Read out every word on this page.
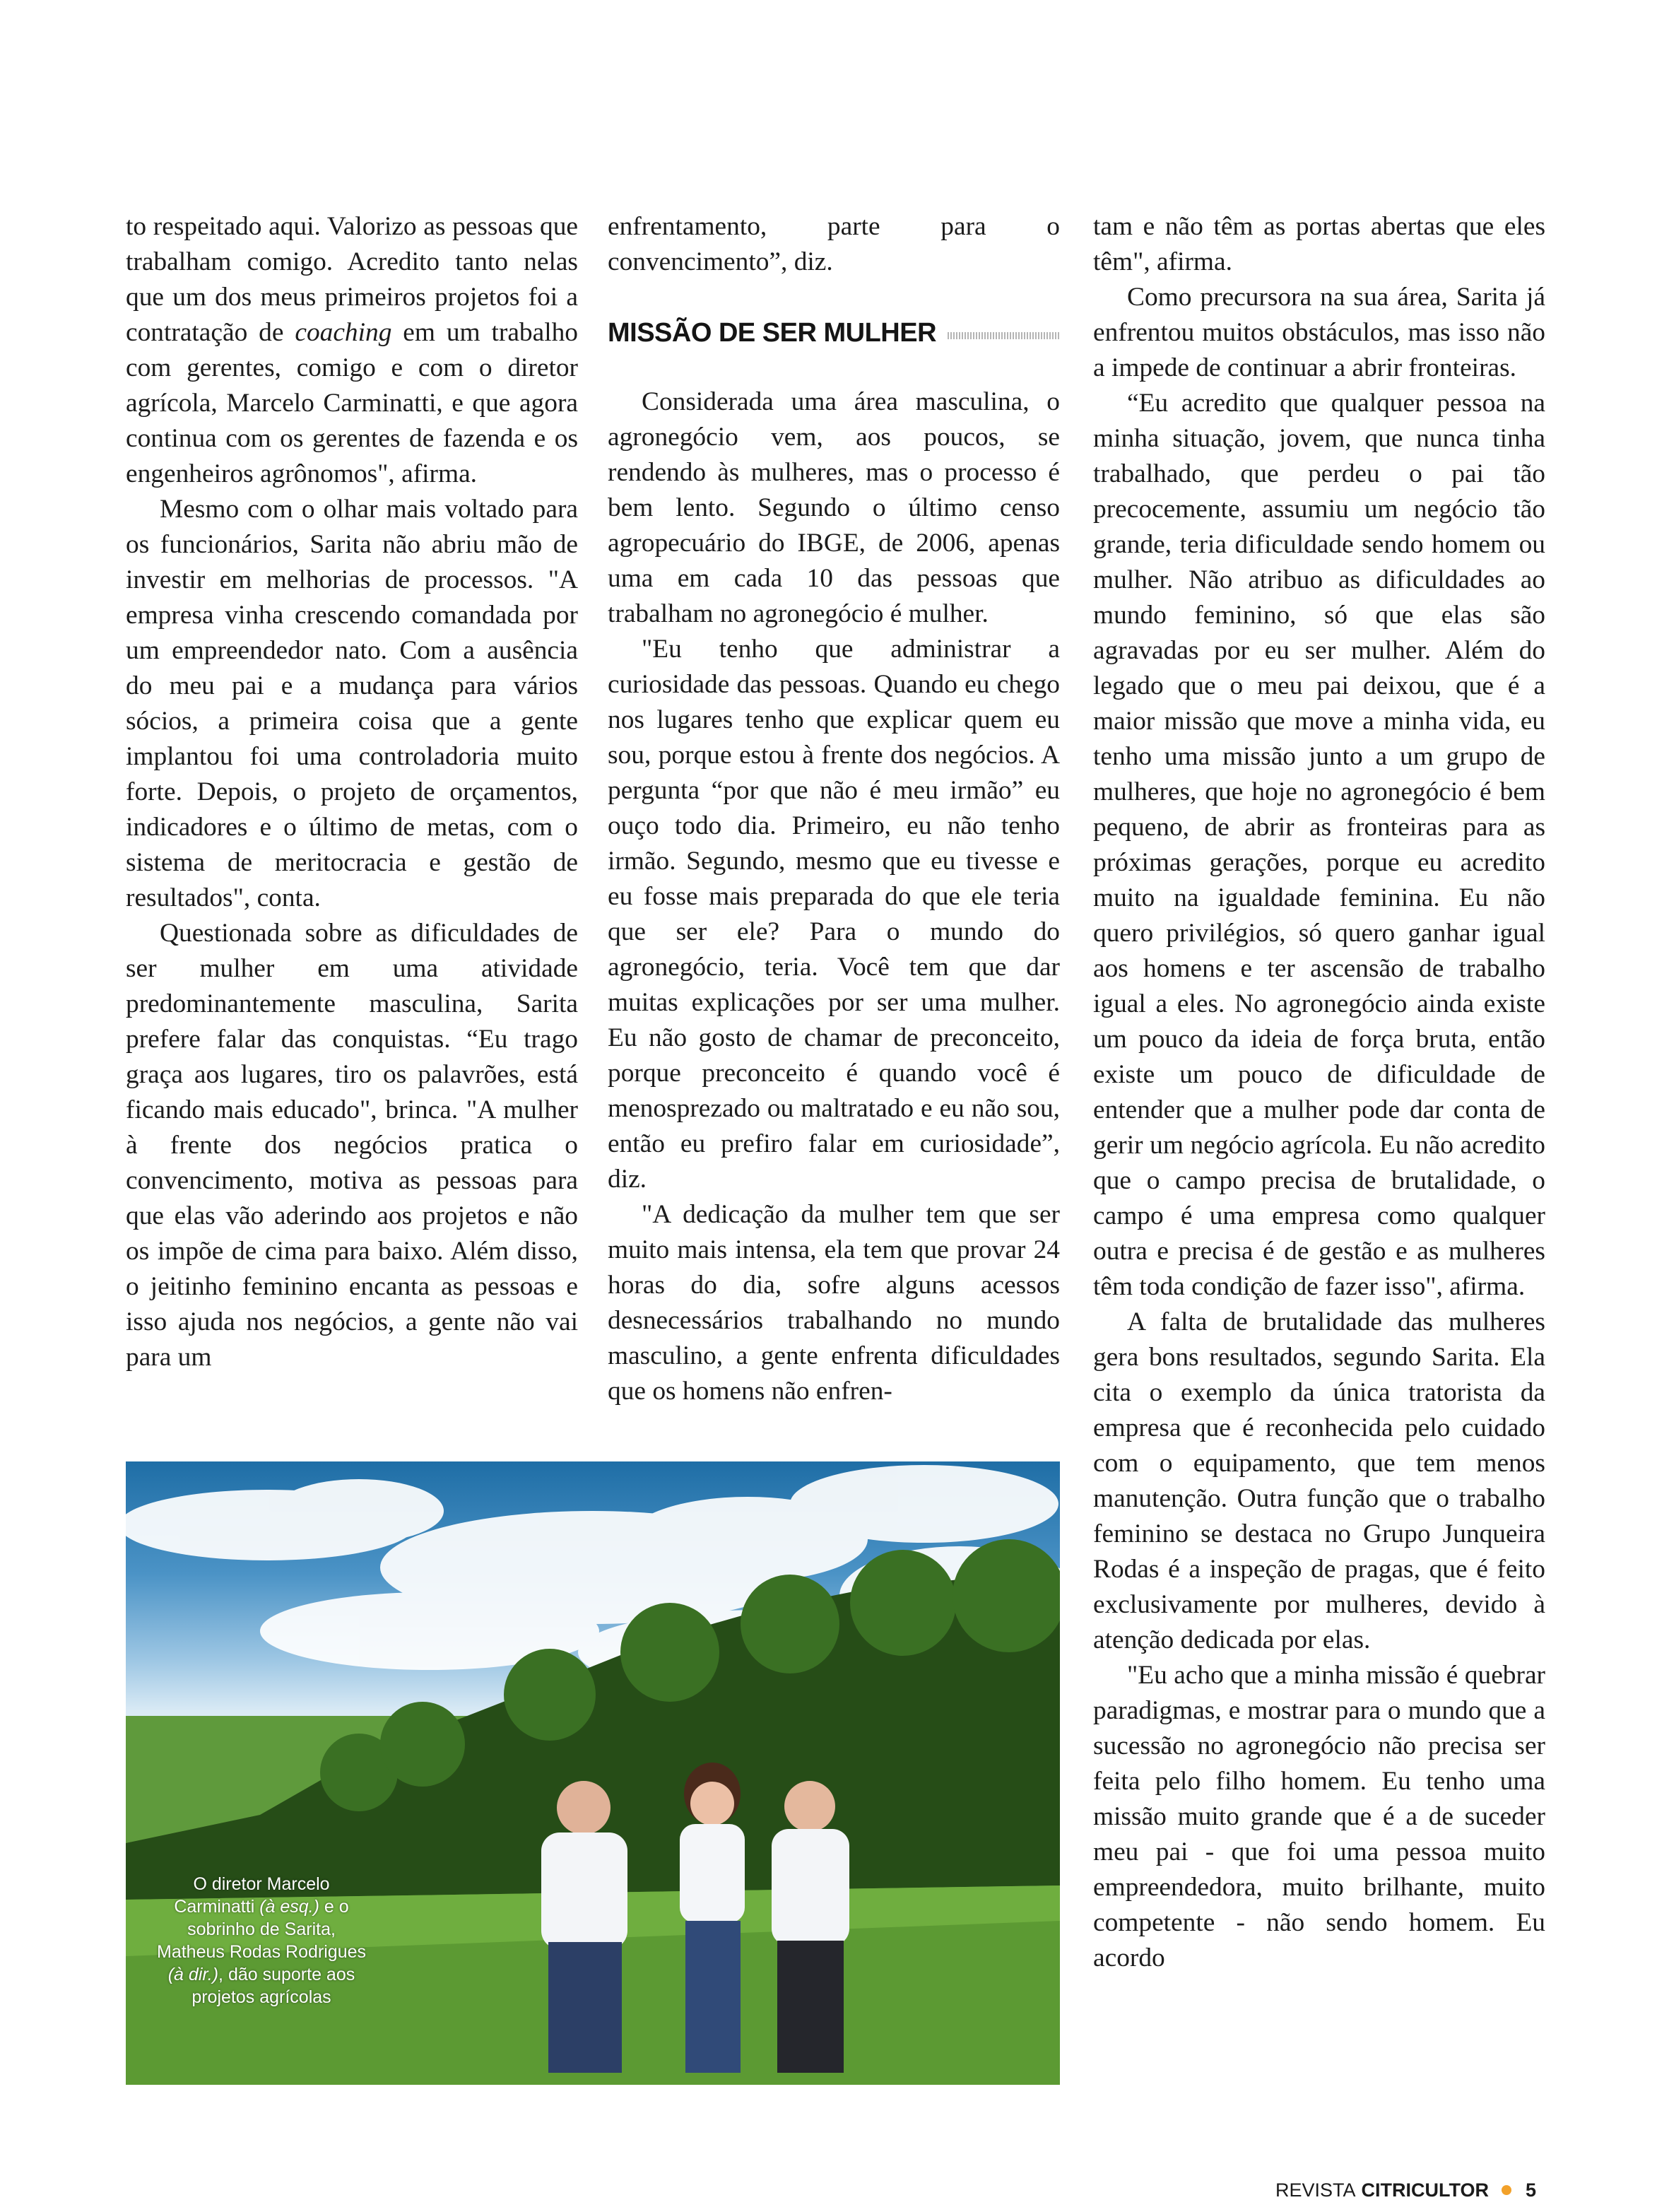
to respeitado aqui. Valorizo as pessoas que trabalham comigo. Acredito tanto nelas que um dos meus primeiros projetos foi a contratação de coaching em um trabalho com gerentes, comigo e com o diretor agrícola, Marcelo Carminatti, e que agora continua com os gerentes de fazenda e os engenheiros agrônomos", afirma.

Mesmo com o olhar mais voltado para os funcionários, Sarita não abriu mão de investir em melhorias de processos. "A empresa vinha crescendo comandada por um empreendedor nato. Com a ausência do meu pai e a mudança para vários sócios, a primeira coisa que a gente implantou foi uma controladoria muito forte. Depois, o projeto de orçamentos, indicadores e o último de metas, com o sistema de meritocracia e gestão de resultados", conta.

Questionada sobre as dificuldades de ser mulher em uma atividade predominantemente masculina, Sarita prefere falar das conquistas. “Eu trago graça aos lugares, tiro os palavrões, está ficando mais educado", brinca. "A mulher à frente dos negócios pratica o convencimento, motiva as pessoas para que elas vão aderindo aos projetos e não os impõe de cima para baixo. Além disso, o jeitinho feminino encanta as pessoas e isso ajuda nos negócios, a gente não vai para um

enfrentamento, parte para o convencimento”, diz.

MISSÃO DE SER MULHER

Considerada uma área masculina, o agronegócio vem, aos poucos, se rendendo às mulheres, mas o processo é bem lento. Segundo o último censo agropecuário do IBGE, de 2006, apenas uma em cada 10 das pessoas que trabalham no agronegócio é mulher.

"Eu tenho que administrar a curiosidade das pessoas. Quando eu chego nos lugares tenho que explicar quem eu sou, porque estou à frente dos negócios. A pergunta “por que não é meu irmão” eu ouço todo dia. Primeiro, eu não tenho irmão. Segundo, mesmo que eu tivesse e eu fosse mais preparada do que ele teria que ser ele? Para o mundo do agronegócio, teria. Você tem que dar muitas explicações por ser uma mulher. Eu não gosto de chamar de preconceito, porque preconceito é quando você é menosprezado ou maltratado e eu não sou, então eu prefiro falar em curiosidade”, diz.

"A dedicação da mulher tem que ser muito mais intensa, ela tem que provar 24 horas do dia, sofre alguns acessos desnecessários trabalhando no mundo masculino, a gente enfrenta dificuldades que os homens não enfren-

tam e não têm as portas abertas que eles têm", afirma.

Como precursora na sua área, Sarita já enfrentou muitos obstáculos, mas isso não a impede de continuar a abrir fronteiras.

“Eu acredito que qualquer pessoa na minha situação, jovem, que nunca tinha trabalhado, que perdeu o pai tão precocemente, assumiu um negócio tão grande, teria dificuldade sendo homem ou mulher. Não atribuo as dificuldades ao mundo feminino, só que elas são agravadas por eu ser mulher. Além do legado que o meu pai deixou, que é a maior missão que move a minha vida, eu tenho uma missão junto a um grupo de mulheres, que hoje no agronegócio é bem pequeno, de abrir as fronteiras para as próximas gerações, porque eu acredito muito na igualdade feminina. Eu não quero privilégios, só quero ganhar igual aos homens e ter ascensão de trabalho igual a eles. No agronegócio ainda existe um pouco da ideia de força bruta, então existe um pouco de dificuldade de entender que a mulher pode dar conta de gerir um negócio agrícola. Eu não acredito que o campo precisa de brutalidade, o campo é uma empresa como qualquer outra e precisa é de gestão e as mulheres têm toda condição de fazer isso", afirma.

A falta de brutalidade das mulheres gera bons resultados, segundo Sarita. Ela cita o exemplo da única tratorista da empresa que é reconhecida pelo cuidado com o equipamento, que tem menos manutenção. Outra função que o trabalho feminino se destaca no Grupo Junqueira Rodas é a inspeção de pragas, que é feito exclusivamente por mulheres, devido à atenção dedicada por elas.

"Eu acho que a minha missão é quebrar paradigmas, e mostrar para o mundo que a sucessão no agronegócio não precisa ser feita pelo filho homem. Eu tenho uma missão muito grande que é a de suceder meu pai - que foi uma pessoa muito empreendedora, muito brilhante, muito competente - não sendo homem. Eu acordo

O diretor Marcelo Carminatti (à esq.) e o sobrinho de Sarita, Matheus Rodas Rodrigues (à dir.), dão suporte aos projetos agrícolas
REVISTA CITRICULTOR 5
